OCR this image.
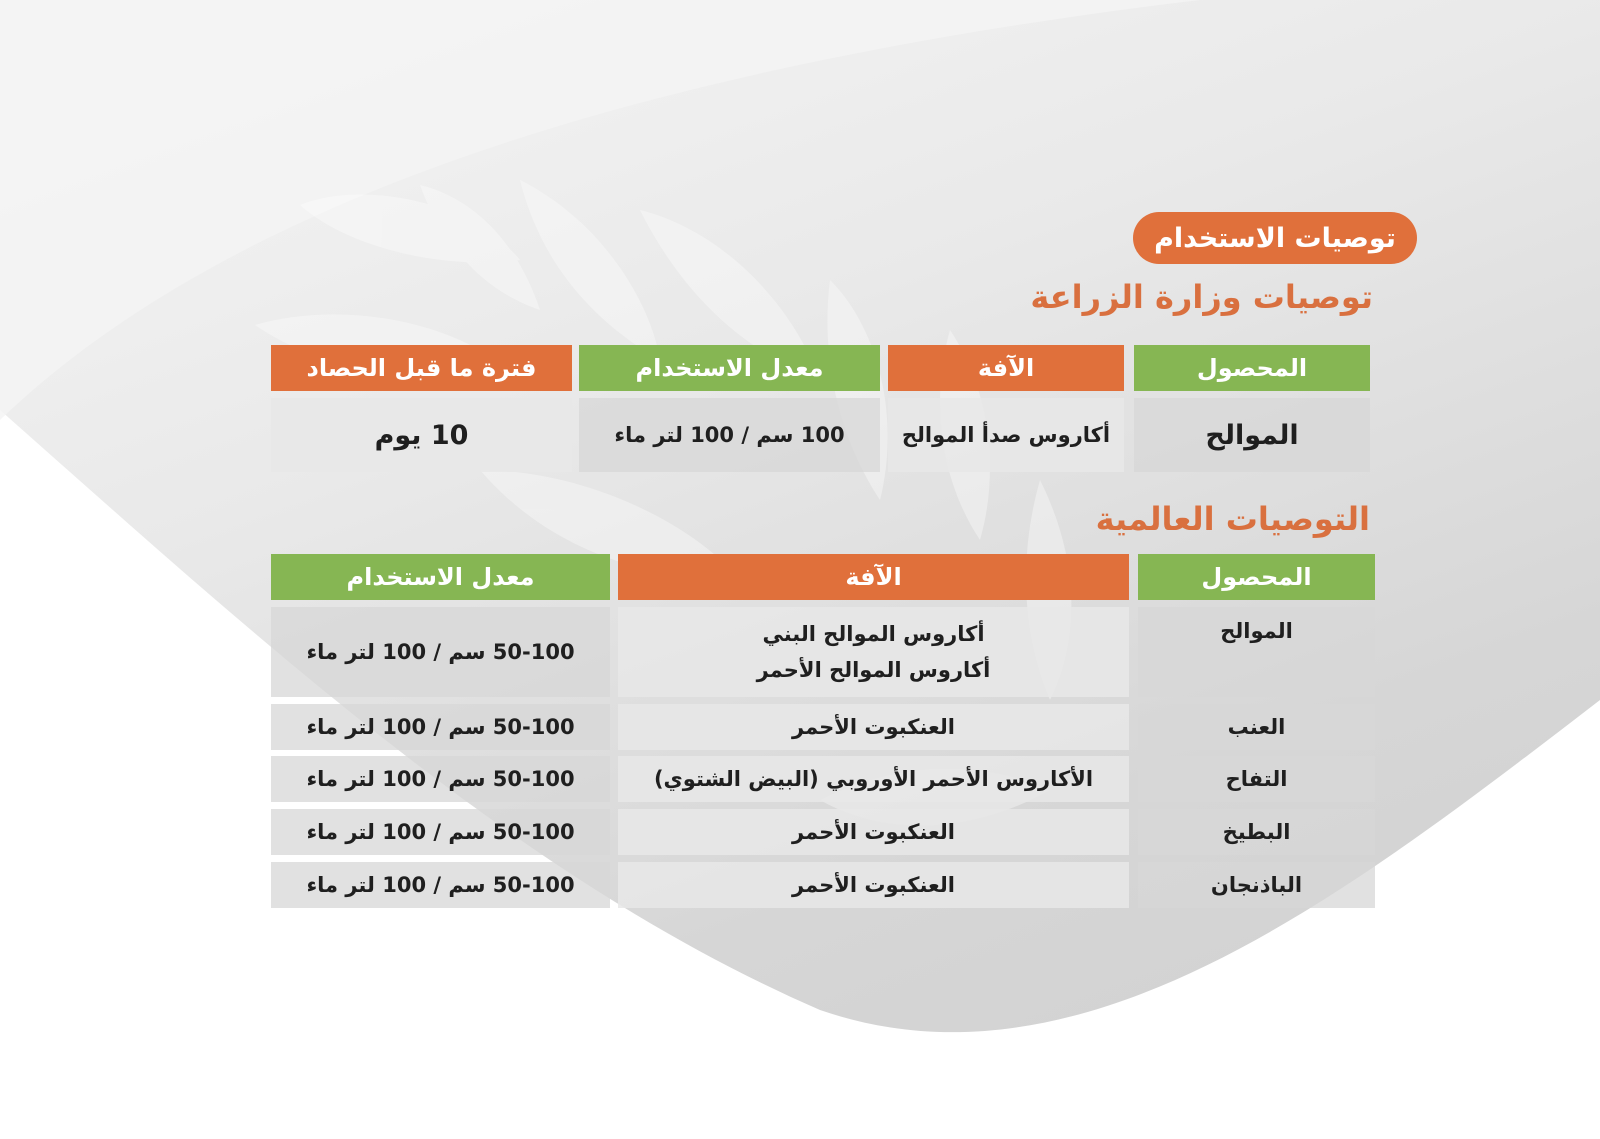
توصيات الاستخدام
توصيات وزارة الزراعة
المحصول
الآفة
معدل الاستخدام
فترة ما قبل الحصاد
الموالح
أكاروس صدأ الموالح
100 سم / 100 لتر ماء
10 يوم
التوصيات العالمية
المحصول
الآفة
معدل الاستخدام
الموالح
أكاروس الموالح البني
أكاروس الموالح الأحمر
50-100 سم / 100 لتر ماء
العنب
العنكبوت الأحمر
50-100 سم / 100 لتر ماء
التفاح
الأكاروس الأحمر الأوروبي (البيض الشتوي)
50-100 سم / 100 لتر ماء
البطيخ
العنكبوت الأحمر
50-100 سم / 100 لتر ماء
الباذنجان
العنكبوت الأحمر
50-100 سم / 100 لتر ماء
